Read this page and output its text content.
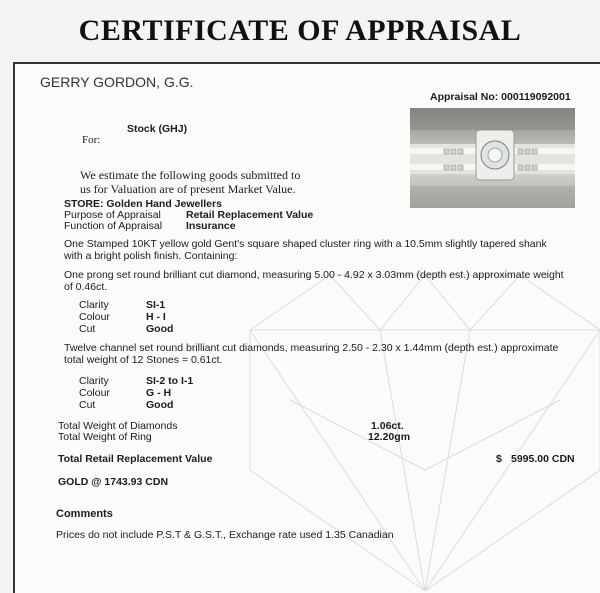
CERTIFICATE OF APPRAISAL
GERRY GORDON, G.G.
Appraisal No: 000119092001
Stock (GHJ)
For:
We estimate the following goods submitted to
us for Valuation are of present Market Value.
STORE: Golden Hand Jewellers
Purpose of Appraisal Retail Replacement Value
Function of Appraisal Insurance
One Stamped 10KT yellow gold Gent's square shaped cluster ring with a 10.5mm slightly tapered shank
with a bright polish finish. Containing:
One prong set round brilliant cut diamond, measuring 5.00 - 4.92 x 3.03mm (depth est.) approximate weight
of 0.46ct.
Clarity	SI-1
Colour	H - I
Cut	Good
Twelve channel set round brilliant cut diamonds, measuring 2.50 - 2.30 x 1.44mm (depth est.) approximate
total weight of 12 Stones = 0.61ct.
Clarity	SI-2 to I-1
Colour	G - H
Cut	Good
Total Weight of Diamonds	1.06ct.
Total Weight of Ring	12.20gm
Total Retail Replacement Value	$ 5995.00 CDN
GOLD @ 1743.93 CDN
Comments
Prices do not include P.S.T & G.S.T., Exchange rate used 1.35 Canadian
